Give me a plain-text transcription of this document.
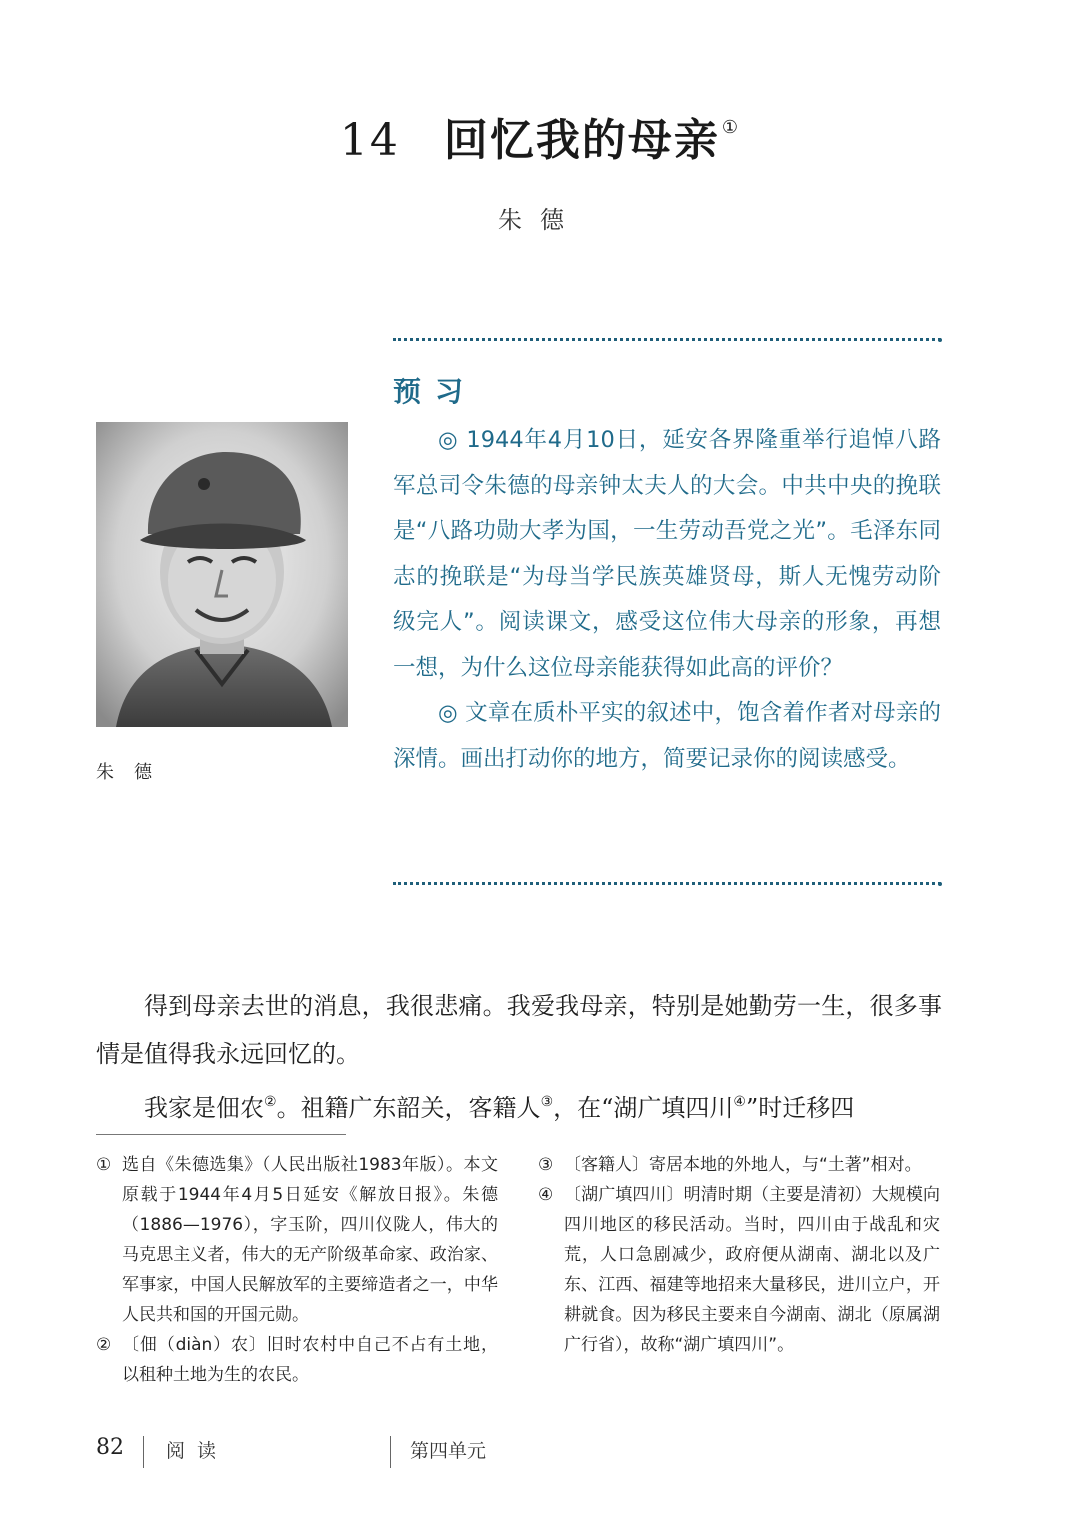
14 回忆我的母亲 ①
朱德
朱德
预习

◎ 1944年4月10日，延安各界隆重举行追悼八路军总司令朱德的母亲钟太夫人的大会。中共中央的挽联是“八路功勋大孝为国，一生劳动吾党之光”。毛泽东同志的挽联是“为母当学民族英雄贤母，斯人无愧劳动阶级完人”。阅读课文，感受这位伟大母亲的形象，再想一想，为什么这位母亲能获得如此高的评价？

◎ 文章在质朴平实的叙述中，饱含着作者对母亲的深情。画出打动你的地方，简要记录你的阅读感受。

得到母亲去世的消息，我很悲痛。我爱我母亲，特别是她勤劳一生，很多事情是值得我永远回忆的。

我家是佃农②。祖籍广东韶关，客籍人③，在“湖广填四川④”时迁移四

① 选自《朱德选集》（人民出版社1983年版）。本文原载于1944年4月5日延安《解放日报》。朱德（1886—1976），字玉阶，四川仪陇人，伟大的马克思主义者，伟大的无产阶级革命家、政治家、军事家，中国人民解放军的主要缔造者之一，中华人民共和国的开国元勋。

② 〔佃（diàn）农〕旧时农村中自己不占有土地，以租种土地为生的农民。

③ 〔客籍人〕寄居本地的外地人，与“土著”相对。

④ 〔湖广填四川〕明清时期（主要是清初）大规模向四川地区的移民活动。当时，四川由于战乱和灾荒，人口急剧减少，政府便从湖南、湖北以及广东、江西、福建等地招来大量移民，进川立户，开耕就食。因为移民主要来自今湖南、湖北（原属湖广行省），故称“湖广填四川”。

82 阅读	第四单元
